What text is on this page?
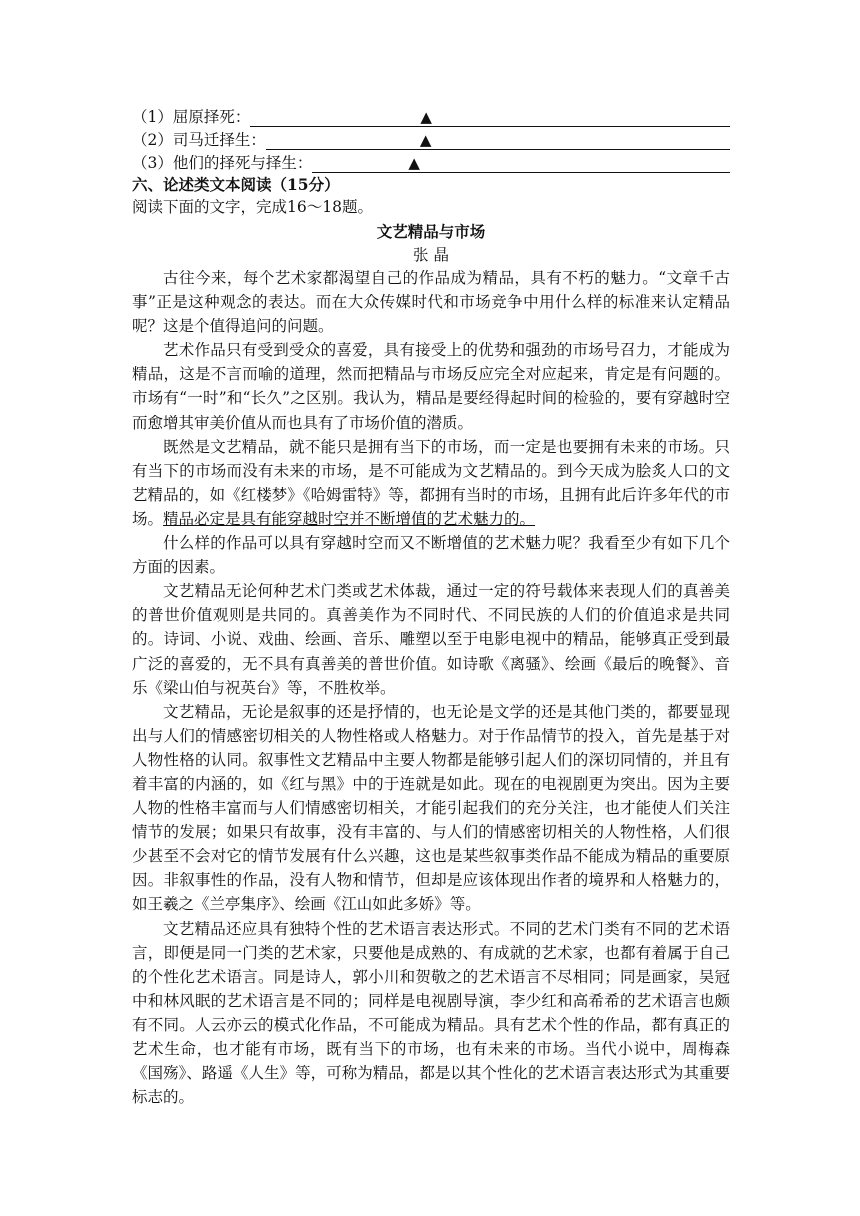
（1）屈原择死：	▲
（2）司马迁择生：	▲
（3）他们的择死与择生：	▲
六、论述类文本阅读（15分）
阅读下面的文字，完成16～18题。
文艺精品与市场
张 晶

古往今来，每个艺术家都渴望自己的作品成为精品，具有不朽的魅力。“文章千古事”正是这种观念的表达。而在大众传媒时代和市场竞争中用什么样的标准来认定精品呢？这是个值得追问的问题。

艺术作品只有受到受众的喜爱，具有接受上的优势和强劲的市场号召力，才能成为精品，这是不言而喻的道理，然而把精品与市场反应完全对应起来，肯定是有问题的。市场有“一时”和“长久”之区别。我认为，精品是要经得起时间的检验的，要有穿越时空而愈增其审美价值从而也具有了市场价值的潜质。

既然是文艺精品，就不能只是拥有当下的市场，而一定是也要拥有未来的市场。只有当下的市场而没有未来的市场，是不可能成为文艺精品的。到今天成为脍炙人口的文艺精品的，如《红楼梦》《哈姆雷特》等，都拥有当时的市场，且拥有此后许多年代的市场。精品必定是具有能穿越时空并不断增值的艺术魅力的。

什么样的作品可以具有穿越时空而又不断增值的艺术魅力呢？我看至少有如下几个方面的因素。

文艺精品无论何种艺术门类或艺术体裁，通过一定的符号载体来表现人们的真善美的普世价值观则是共同的。真善美作为不同时代、不同民族的人们的价值追求是共同的。诗词、小说、戏曲、绘画、音乐、雕塑以至于电影电视中的精品，能够真正受到最广泛的喜爱的，无不具有真善美的普世价值。如诗歌《离骚》、绘画《最后的晚餐》、音乐《梁山伯与祝英台》等，不胜枚举。

文艺精品，无论是叙事的还是抒情的，也无论是文学的还是其他门类的，都要显现出与人们的情感密切相关的人物性格或人格魅力。对于作品情节的投入，首先是基于对人物性格的认同。叙事性文艺精品中主要人物都是能够引起人们的深切同情的，并且有着丰富的内涵的，如《红与黑》中的于连就是如此。现在的电视剧更为突出。因为主要人物的性格丰富而与人们情感密切相关，才能引起我们的充分关注，也才能使人们关注情节的发展；如果只有故事，没有丰富的、与人们的情感密切相关的人物性格，人们很少甚至不会对它的情节发展有什么兴趣，这也是某些叙事类作品不能成为精品的重要原因。非叙事性的作品，没有人物和情节，但却是应该体现出作者的境界和人格魅力的，如王羲之《兰亭集序》、绘画《江山如此多娇》等。

文艺精品还应具有独特个性的艺术语言表达形式。不同的艺术门类有不同的艺术语言，即便是同一门类的艺术家，只要他是成熟的、有成就的艺术家，也都有着属于自己的个性化艺术语言。同是诗人，郭小川和贺敬之的艺术语言不尽相同；同是画家，吴冠中和林风眠的艺术语言是不同的；同样是电视剧导演，李少红和高希希的艺术语言也颇有不同。人云亦云的模式化作品，不可能成为精品。具有艺术个性的作品，都有真正的艺术生命，也才能有市场，既有当下的市场，也有未来的市场。当代小说中，周梅森《国殇》、路遥《人生》等，可称为精品，都是以其个性化的艺术语言表达形式为其重要标志的。
